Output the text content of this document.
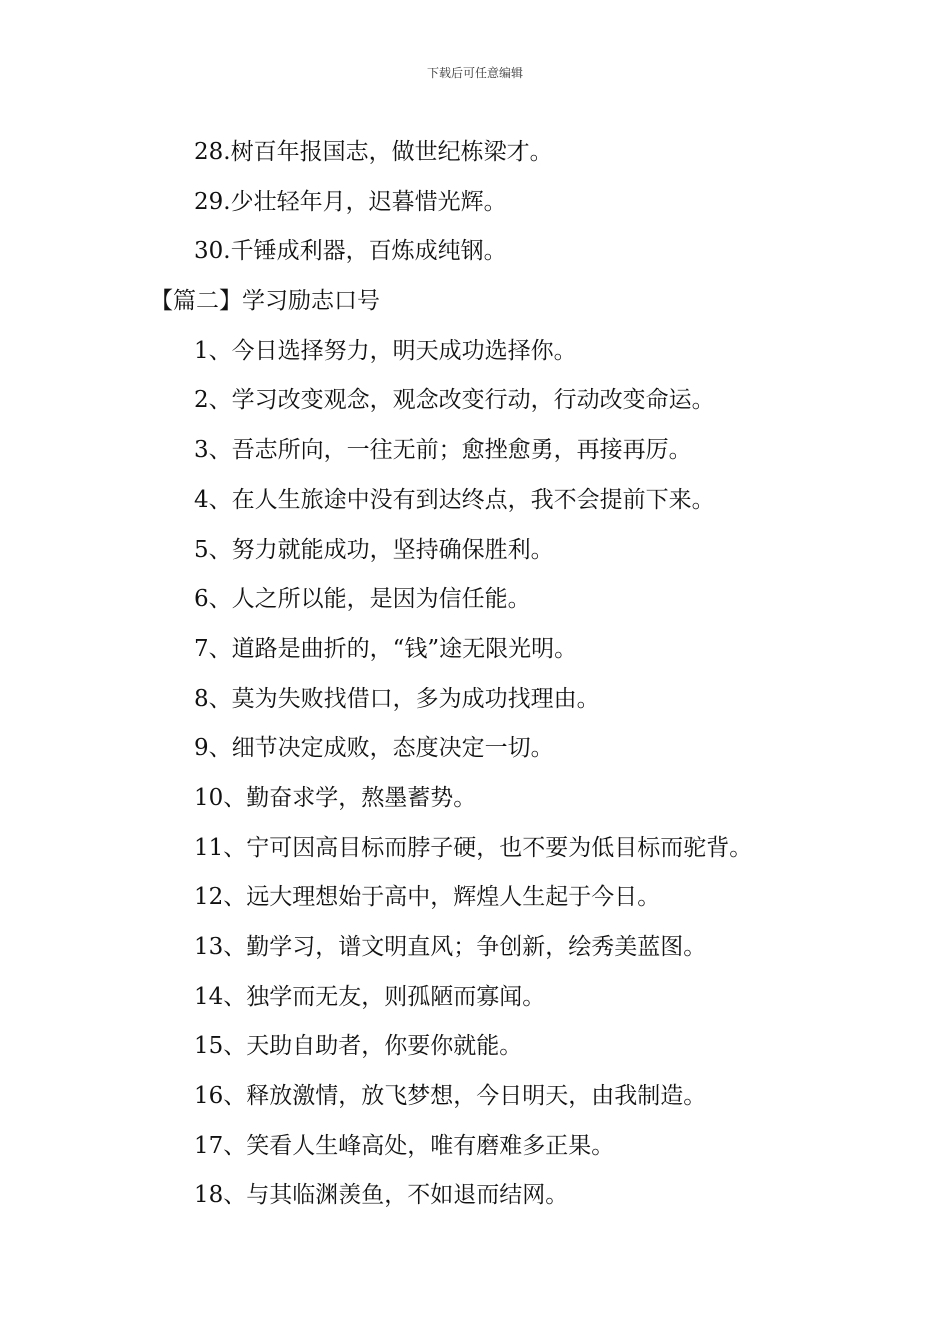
下载后可任意编辑
28.树百年报国志，做世纪栋梁才。
29.少壮轻年月，迟暮惜光辉。
30.千锤成利器，百炼成纯钢。
【篇二】学习励志口号
1、今日选择努力，明天成功选择你。
2、学习改变观念，观念改变行动，行动改变命运。
3、吾志所向，一往无前；愈挫愈勇，再接再厉。
4、在人生旅途中没有到达终点，我不会提前下来。
5、努力就能成功，坚持确保胜利。
6、人之所以能，是因为信任能。
7、道路是曲折的，“钱”途无限光明。
8、莫为失败找借口，多为成功找理由。
9、细节决定成败，态度决定一切。
10、勤奋求学，熬墨蓄势。
11、宁可因高目标而脖子硬，也不要为低目标而驼背。
12、远大理想始于高中，辉煌人生起于今日。
13、勤学习，谱文明直风；争创新，绘秀美蓝图。
14、独学而无友，则孤陋而寡闻。
15、天助自助者，你要你就能。
16、释放激情，放飞梦想，今日明天，由我制造。
17、笑看人生峰高处，唯有磨难多正果。
18、与其临渊羡鱼，不如退而结网。
